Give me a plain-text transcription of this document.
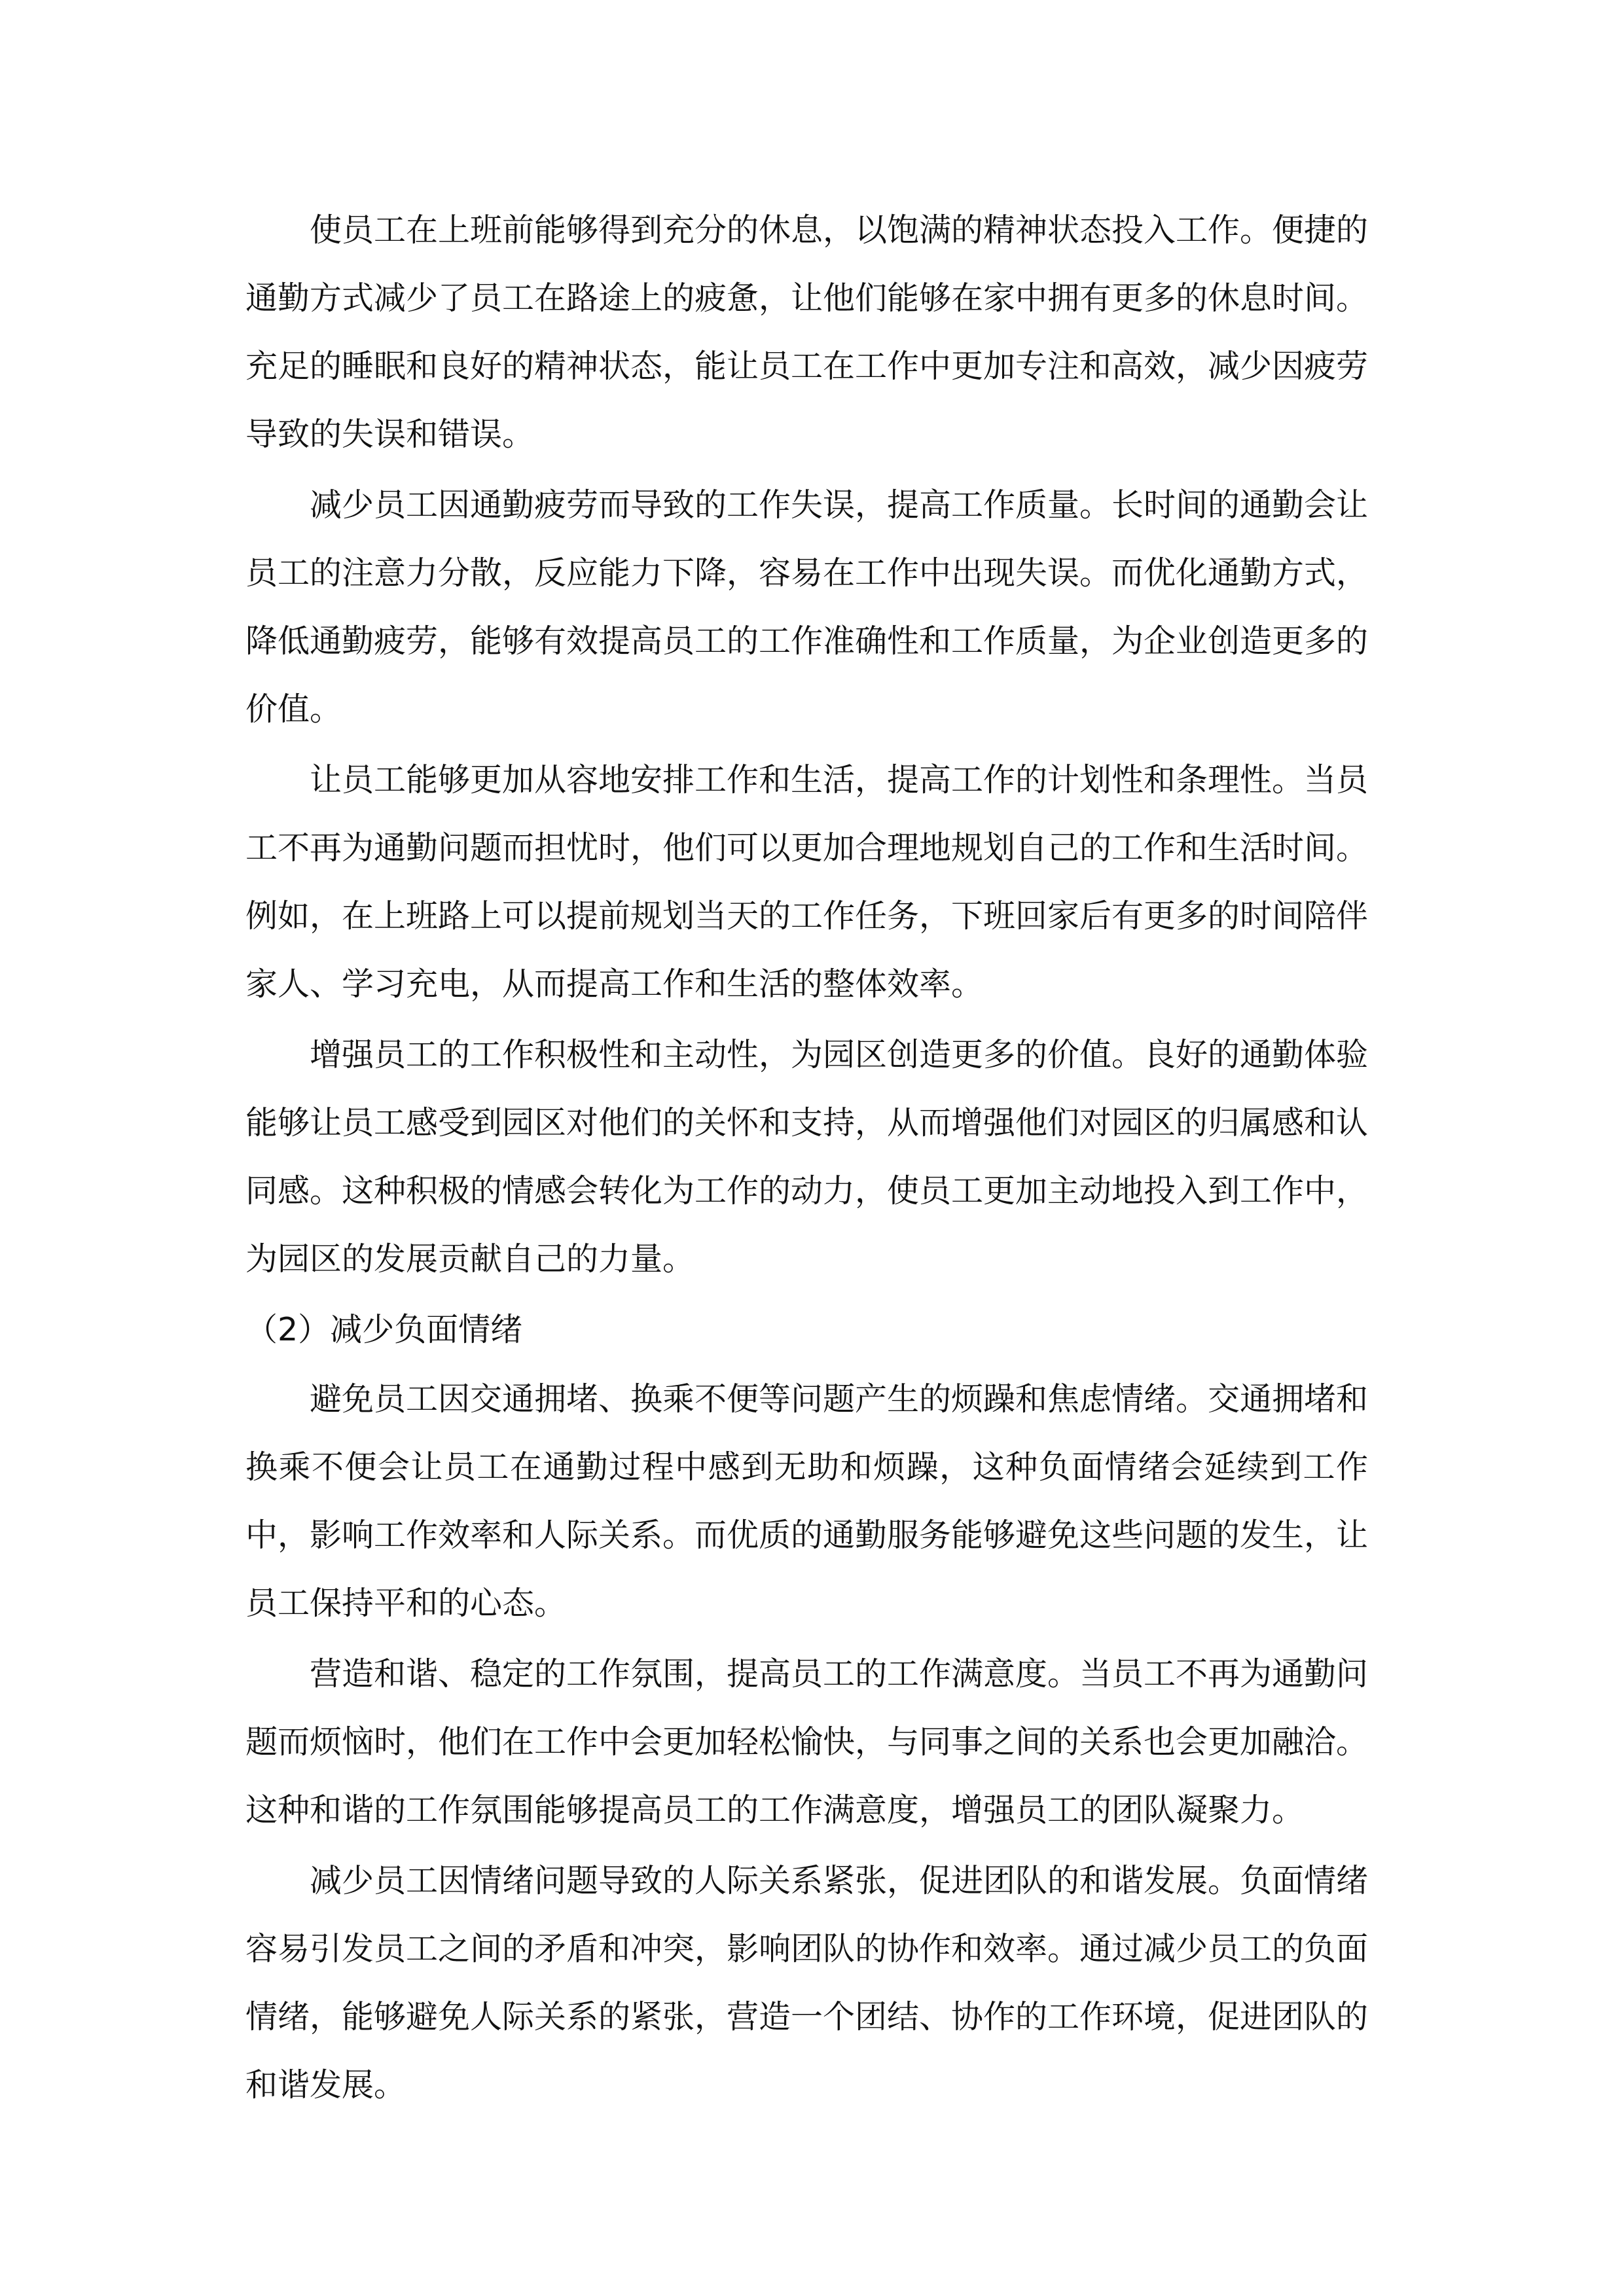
使员工在上班前能够得到充分的休息，以饱满的精神状态投入工作。便捷的通勤方式减少了员工在路途上的疲惫，让他们能够在家中拥有更多的休息时间。充足的睡眠和良好的精神状态，能让员工在工作中更加专注和高效，减少因疲劳导致的失误和错误。

减少员工因通勤疲劳而导致的工作失误，提高工作质量。长时间的通勤会让员工的注意力分散，反应能力下降，容易在工作中出现失误。而优化通勤方式，降低通勤疲劳，能够有效提高员工的工作准确性和工作质量，为企业创造更多的价值。

让员工能够更加从容地安排工作和生活，提高工作的计划性和条理性。当员工不再为通勤问题而担忧时，他们可以更加合理地规划自己的工作和生活时间。例如，在上班路上可以提前规划当天的工作任务，下班回家后有更多的时间陪伴家人、学习充电，从而提高工作和生活的整体效率。

增强员工的工作积极性和主动性，为园区创造更多的价值。良好的通勤体验能够让员工感受到园区对他们的关怀和支持，从而增强他们对园区的归属感和认同感。这种积极的情感会转化为工作的动力，使员工更加主动地投入到工作中，为园区的发展贡献自己的力量。

（2）减少负面情绪

避免员工因交通拥堵、换乘不便等问题产生的烦躁和焦虑情绪。交通拥堵和换乘不便会让员工在通勤过程中感到无助和烦躁，这种负面情绪会延续到工作中，影响工作效率和人际关系。而优质的通勤服务能够避免这些问题的发生，让员工保持平和的心态。

营造和谐、稳定的工作氛围，提高员工的工作满意度。当员工不再为通勤问题而烦恼时，他们在工作中会更加轻松愉快，与同事之间的关系也会更加融洽。这种和谐的工作氛围能够提高员工的工作满意度，增强员工的团队凝聚力。

减少员工因情绪问题导致的人际关系紧张，促进团队的和谐发展。负面情绪容易引发员工之间的矛盾和冲突，影响团队的协作和效率。通过减少员工的负面情绪，能够避免人际关系的紧张，营造一个团结、协作的工作环境，促进团队的和谐发展。
